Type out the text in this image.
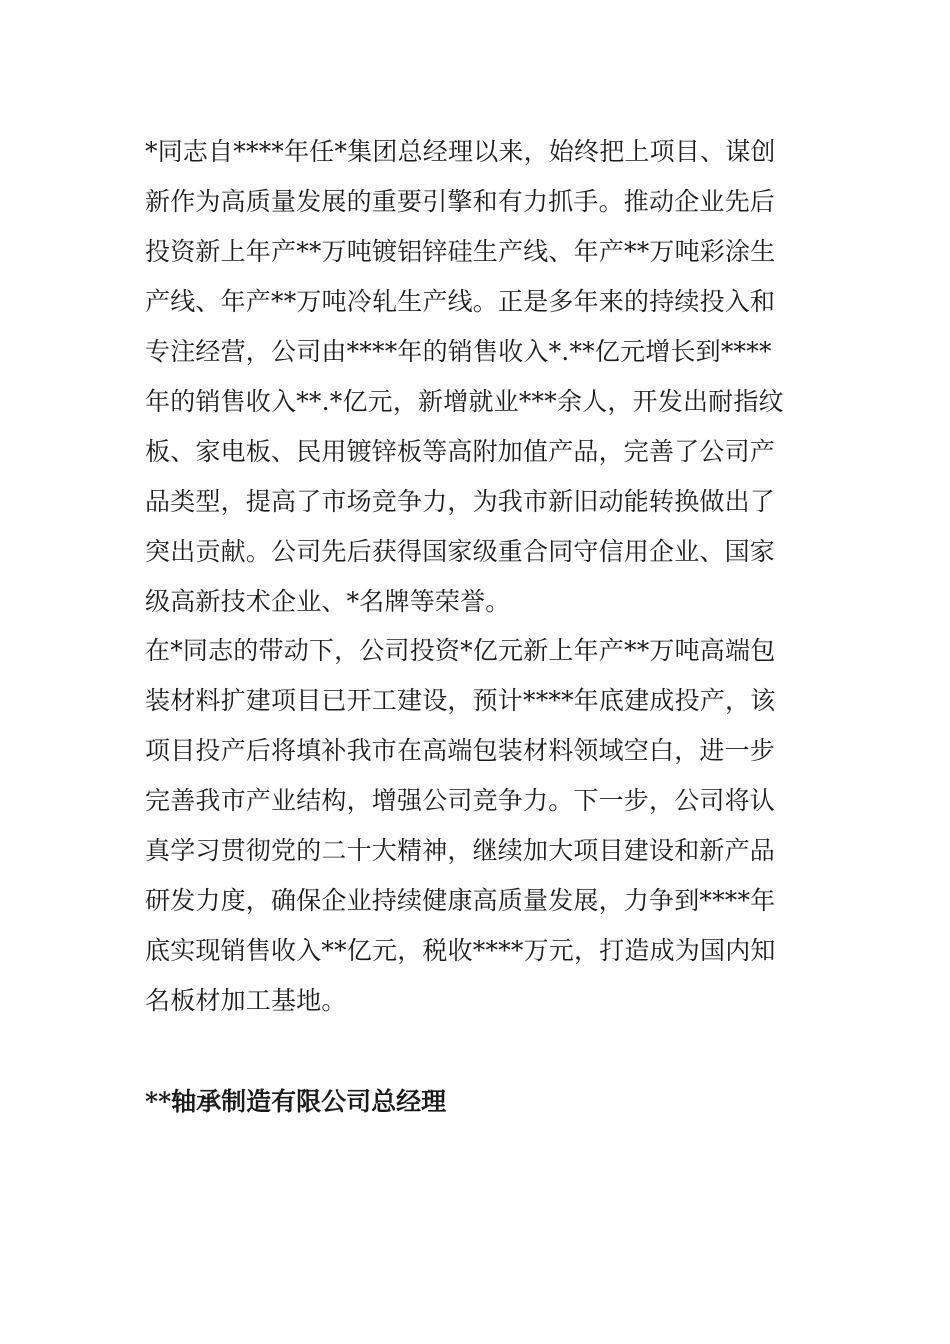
*同志自****年任*集团总经理以来，始终把上项目、谋创
新作为高质量发展的重要引擎和有力抓手。推动企业先后
投资新上年产**万吨镀铝锌硅生产线、年产**万吨彩涂生
产线、年产**万吨冷轧生产线。正是多年来的持续投入和
专注经营，公司由****年的销售收入*.**亿元增长到****
年的销售收入**.*亿元，新增就业***余人，开发出耐指纹
板、家电板、民用镀锌板等高附加值产品，完善了公司产
品类型，提高了市场竞争力，为我市新旧动能转换做出了
突出贡献。公司先后获得国家级重合同守信用企业、国家
级高新技术企业、*名牌等荣誉。
在*同志的带动下，公司投资*亿元新上年产**万吨高端包
装材料扩建项目已开工建设，预计****年底建成投产，该
项目投产后将填补我市在高端包装材料领域空白，进一步
完善我市产业结构，增强公司竞争力。下一步，公司将认
真学习贯彻党的二十大精神，继续加大项目建设和新产品
研发力度，确保企业持续健康高质量发展，力争到****年
底实现销售收入**亿元，税收****万元，打造成为国内知
名板材加工基地。
**轴承制造有限公司总经理
